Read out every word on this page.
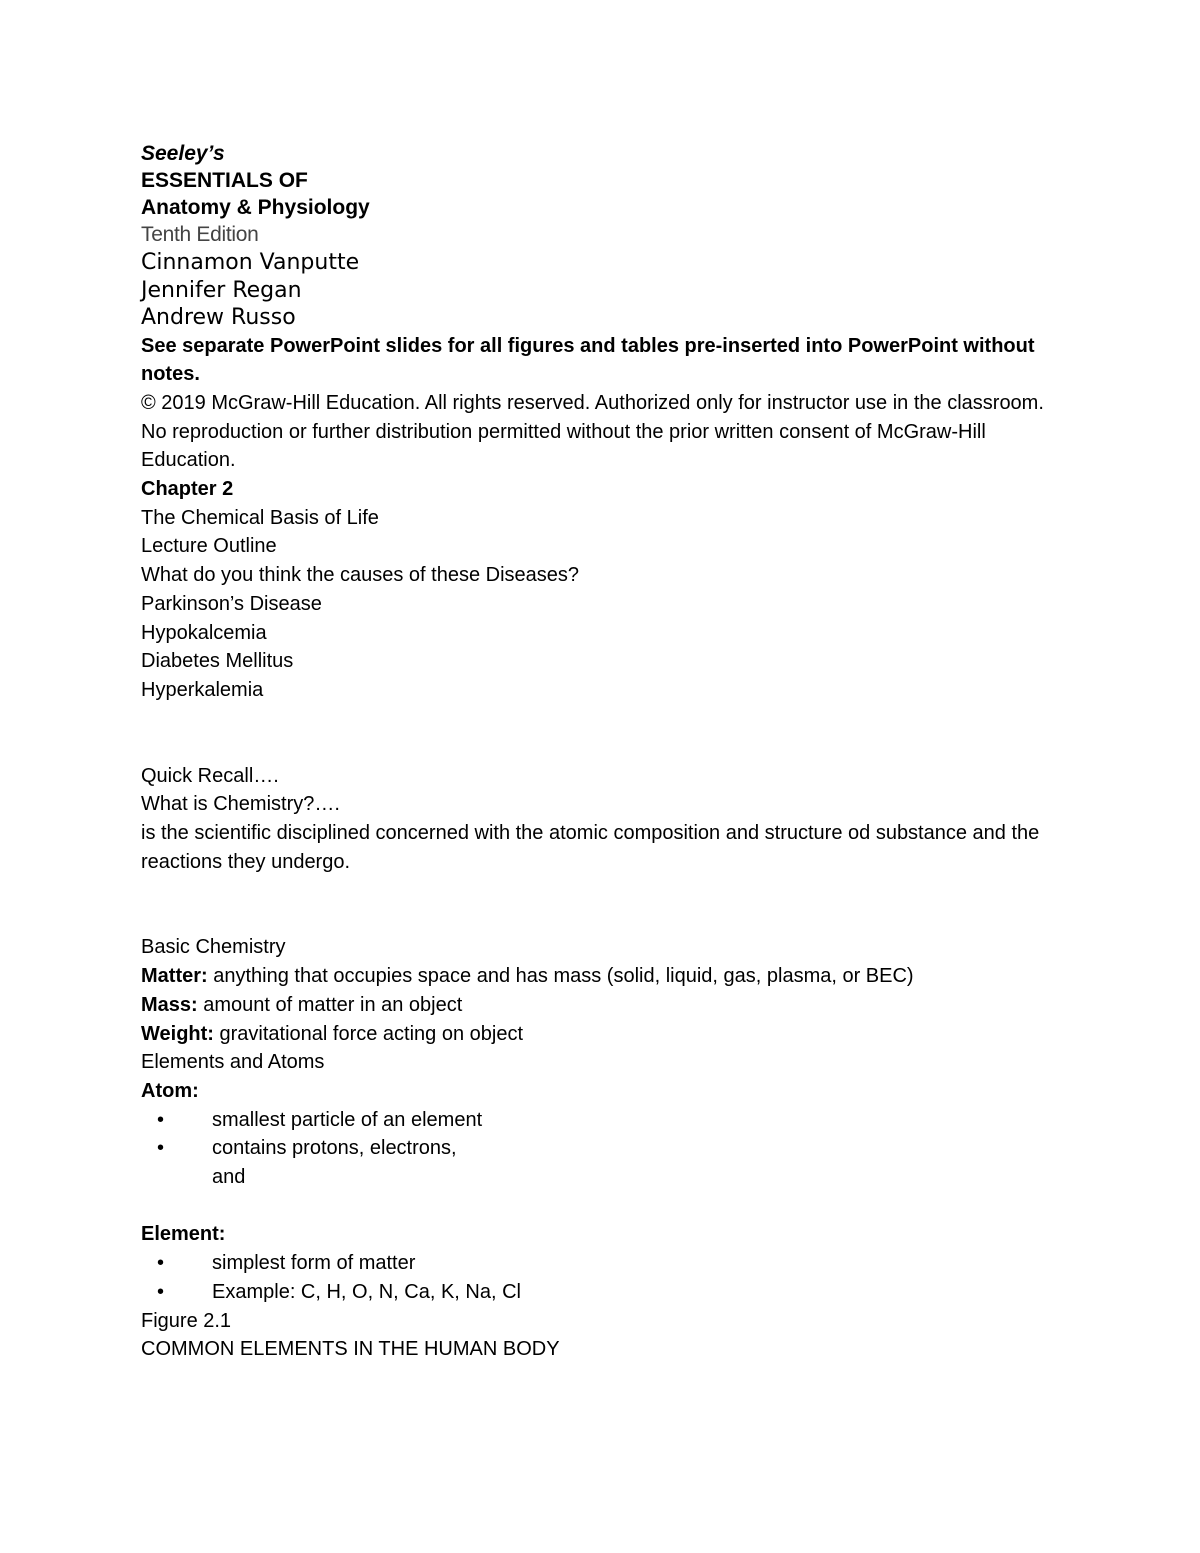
Seeley’s
ESSENTIALS OF
Anatomy & Physiology
Tenth Edition
Cinnamon Vanputte
Jennifer Regan
Andrew Russo
See separate PowerPoint slides for all figures and tables pre-inserted into PowerPoint without notes.
© 2019 McGraw-Hill Education. All rights reserved. Authorized only for instructor use in the classroom. No reproduction or further distribution permitted without the prior written consent of McGraw-Hill Education.
Chapter 2
The Chemical Basis of Life
Lecture Outline
What do you think the causes of these Diseases?
Parkinson’s Disease
Hypokalcemia
Diabetes Mellitus
Hyperkalemia
Quick Recall….
What is Chemistry?….
is the scientific disciplined concerned with the atomic composition and structure od substance and the reactions they undergo.
Basic Chemistry
Matter: anything that occupies space and has mass (solid, liquid, gas, plasma, or BEC)
Mass: amount of matter in an object
Weight: gravitational force acting on object
Elements and Atoms
Atom:
•	smallest particle of an element
•	contains protons, electrons, and
Element:
•	simplest form of matter
•	Example: C, H, O, N, Ca, K, Na, Cl
Figure 2.1
COMMON ELEMENTS IN THE HUMAN BODY
